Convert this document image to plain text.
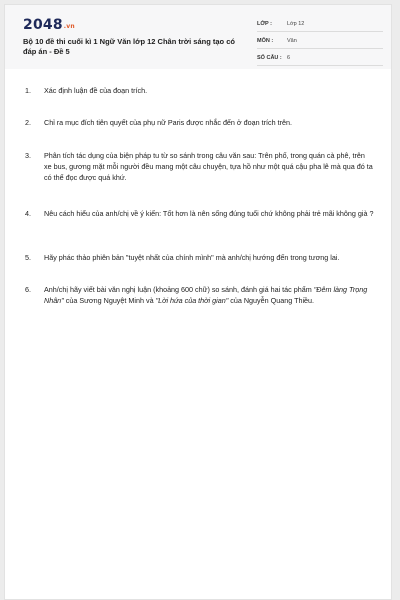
2048.vn
Bộ 10 đề thi cuối kì 1 Ngữ Văn lớp 12 Chân trời sáng tạo có đáp án - Đề 5
LỚP :	Lớp 12
MÔN :	Văn
SỐ CÂU : 6
1. Xác định luận đề của đoạn trích.
2. Chỉ ra mục đích tiên quyết của phụ nữ Paris được nhắc đến ở đoạn trích trên.
3. Phân tích tác dụng của biện pháp tu từ so sánh trong câu văn sau: Trên phố, trong quán cà phê, trên xe bus, gương mặt mỗi người đều mang một câu chuyện, tựa hồ như một quá cậu pha lê mà qua đó ta có thể đọc được quá khứ.
4. Nêu cách hiểu của anh/chị về ý kiến: Tốt hơn là nên sống đúng tuổi chứ không phải trẻ mãi không già ?
5. Hãy phác thảo phiên bản "tuyệt nhất của chính mình" mà anh/chị hướng đến trong tương lai.
6. Anh/chị hãy viết bài văn nghị luận (khoảng 600 chữ) so sánh, đánh giá hai tác phẩm "Đêm làng Trọng Nhân" của Sương Nguyệt Minh và "Lời hứa của thời gian" của Nguyễn Quang Thiều.
